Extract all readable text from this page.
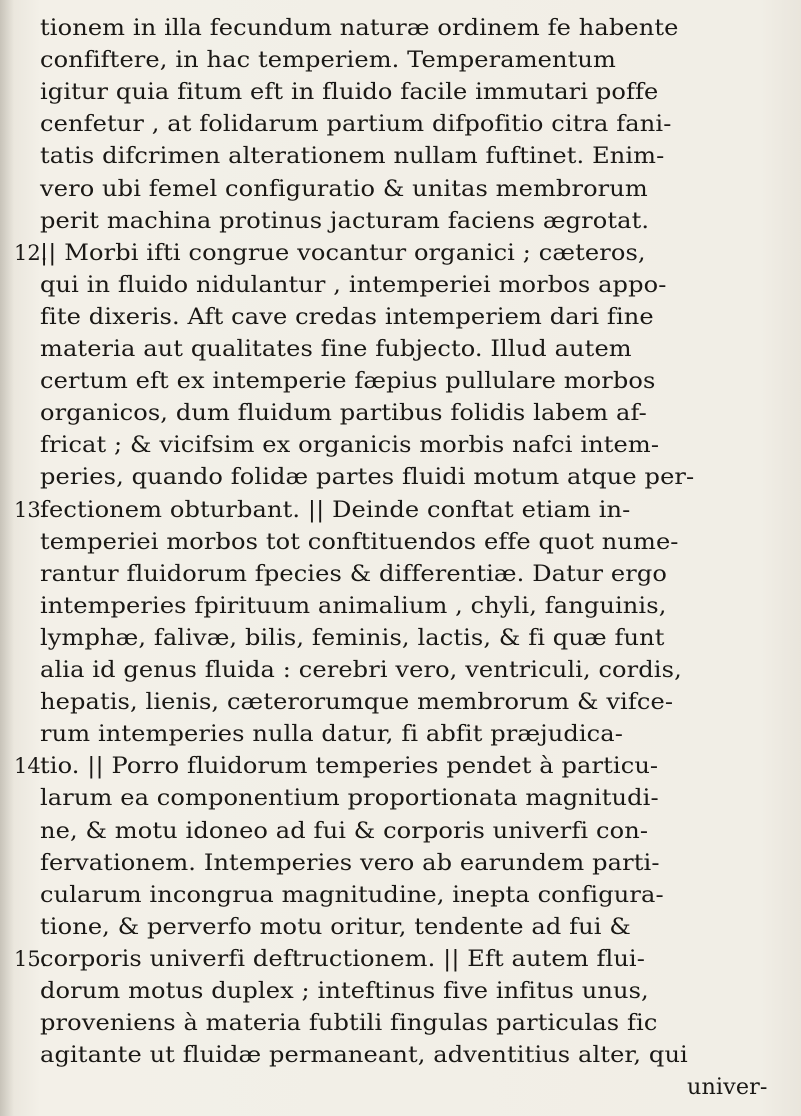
tionem in illa fecundum naturæ ordinem fe habente
confiftere, in hac temperiem. Temperamentum
igitur quia fitum eft in fluido facile immutari poffe
cenfetur , at folidarum partium difpofitio citra fani-
tatis difcrimen alterationem nullam fuftinet. Enim-
vero ubi femel configuratio & unitas membrorum
perit machina protinus jacturam faciens ægrotat.
|| Morbi ifti congrue vocantur organici ; cæteros,
qui in fluido nidulantur , intemperiei morbos appo-
fite dixeris. Aft cave credas intemperiem dari fine
materia aut qualitates fine fubjecto. Illud autem
certum eft ex intemperie fæpius pullulare morbos
organicos, dum fluidum partibus folidis labem af-
fricat ; & vicifsim ex organicis morbis nafci intem-
peries, quando folidæ partes fluidi motum atque per-
fectionem obturbant. || Deinde conftat etiam in-
temperiei morbos tot conftituendos effe quot nume-
rantur fluidorum fpecies & differentiæ. Datur ergo
intemperies fpirituum animalium , chyli, fanguinis,
lymphæ, falivæ, bilis, feminis, lactis, & fi quæ funt
alia id genus fluida : cerebri vero, ventriculi, cordis,
hepatis, lienis, cæterorumque membrorum & vifce-
rum intemperies nulla datur, fi abfit præjudica-
tio. || Porro fluidorum temperies pendet à particu-
larum ea componentium proportionata magnitudi-
ne, & motu idoneo ad fui & corporis univerfi con-
fervationem. Intemperies vero ab earundem parti-
cularum incongrua magnitudine, inepta configura-
tione, & perverfo motu oritur, tendente ad fui &
corporis univerfi deftructionem. || Eft autem flui-
dorum motus duplex ; inteftinus five infitus unus,
proveniens à materia fubtili fingulas particulas fic
agitante ut fluidæ permaneant, adventitius alter, qui
univer-
12.
13.
14.
15.
